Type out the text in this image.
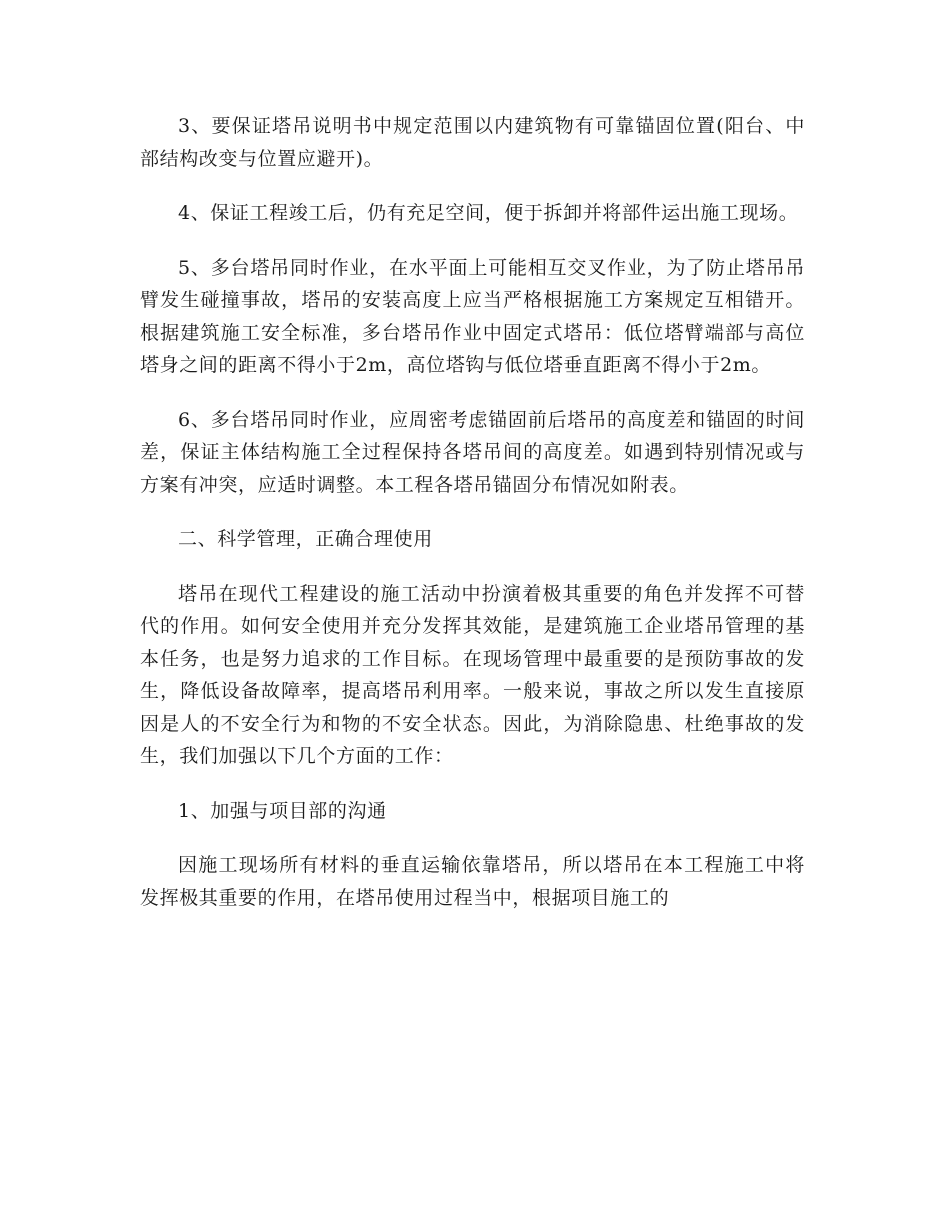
3、要保证塔吊说明书中规定范围以内建筑物有可靠锚固位置(阳台、中部结构改变与位置应避开)。

4、保证工程竣工后，仍有充足空间，便于拆卸并将部件运出施工现场。

5、多台塔吊同时作业，在水平面上可能相互交叉作业，为了防止塔吊吊臂发生碰撞事故，塔吊的安装高度上应当严格根据施工方案规定互相错开。根据建筑施工安全标准，多台塔吊作业中固定式塔吊：低位塔臂端部与高位塔身之间的距离不得小于2m，高位塔钩与低位塔垂直距离不得小于2m。

6、多台塔吊同时作业，应周密考虑锚固前后塔吊的高度差和锚固的时间差，保证主体结构施工全过程保持各塔吊间的高度差。如遇到特别情况或与方案有冲突，应适时调整。本工程各塔吊锚固分布情况如附表。

二、科学管理，正确合理使用

塔吊在现代工程建设的施工活动中扮演着极其重要的角色并发挥不可替代的作用。如何安全使用并充分发挥其效能，是建筑施工企业塔吊管理的基本任务，也是努力追求的工作目标。在现场管理中最重要的是预防事故的发生，降低设备故障率，提高塔吊利用率。一般来说，事故之所以发生直接原因是人的不安全行为和物的不安全状态。因此，为消除隐患、杜绝事故的发生，我们加强以下几个方面的工作：

1、加强与项目部的沟通

因施工现场所有材料的垂直运输依靠塔吊，所以塔吊在本工程施工中将发挥极其重要的作用，在塔吊使用过程当中，根据项目施工的
